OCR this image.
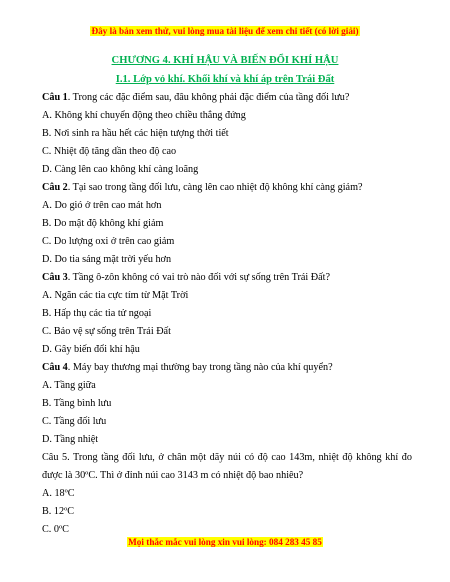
Đây là bản xem thử, vui lòng mua tài liệu để xem chi tiết (có lời giải)
CHƯƠNG 4. KHÍ HẬU VÀ BIẾN ĐỔI KHÍ HẬU
I.1. Lớp vỏ khí. Khối khí và khí áp trên Trái Đất

Câu 1. Trong các đặc điểm sau, đâu không phải đặc điểm của tầng đối lưu?

A. Không khí chuyển động theo chiều thẳng đứng

B. Nơi sinh ra hầu hết các hiện tượng thời tiết

C. Nhiệt độ tăng dần theo độ cao

D. Càng lên cao không khí càng loãng

Câu 2. Tại sao trong tầng đối lưu, càng lên cao nhiệt độ không khí càng giảm?

A. Do gió ở trên cao mát hơn

B. Do mật độ không khí giảm

C. Do lượng oxi ở trên cao giảm

D. Do tia sáng mặt trời yếu hơn

Câu 3. Tầng ô-zôn không có vai trò nào đối với sự sống trên Trái Đất?

A. Ngăn các tia cực tím từ Mặt Trời

B. Hấp thụ các tia tử ngoại

C. Bảo vệ sự sống trên Trái Đất

D. Gây biến đổi khí hậu

Câu 4. Máy bay thương mại thường bay trong tầng nào của khí quyển?

A. Tầng giữa

B. Tầng bình lưu

C. Tầng đối lưu

D. Tầng nhiệt

Câu 5. Trong tầng đối lưu, ở chân một dãy núi có độ cao 143m, nhiệt độ không khí đo được là 30ºC. Thì ở đỉnh núi cao 3143 m có nhiệt độ bao nhiêu?

A. 18ºC

B. 12ºC

C. 0ºC

Mọi thắc mắc vui lòng xin vui lòng: 084 283 45 85
